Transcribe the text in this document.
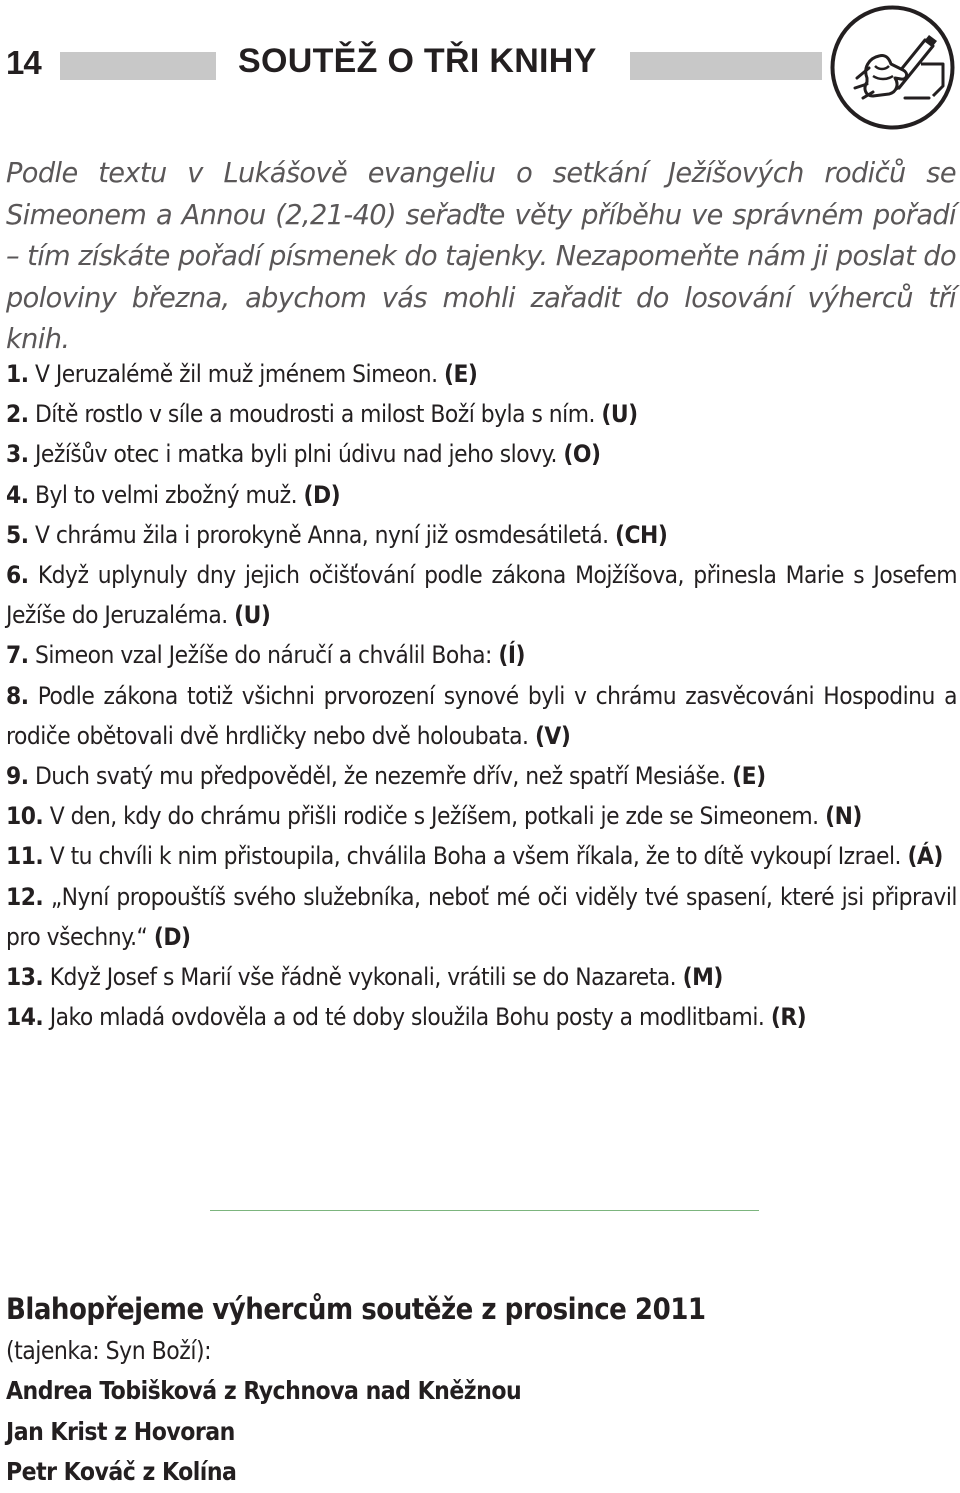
14	SOUTĚŽ O TŘI KNIHY

Podle textu v Lukášově evangeliu o setkání Ježíšových rodičů se Simeonem a Annou (2,21-40) seřaďte věty příběhu ve správném pořadí – tím získáte pořadí písmenek do tajenky. Nezapomeňte nám ji poslat do poloviny března, abychom vás mohli zařadit do losování výherců tří knih.

1. V Jeruzalémě žil muž jménem Simeon. (E)
2. Dítě rostlo v síle a moudrosti a milost Boží byla s ním. (U)
3. Ježíšův otec i matka byli plni údivu nad jeho slovy. (O)
4. Byl to velmi zbožný muž. (D)
5. V chrámu žila i prorokyně Anna, nyní již osmdesátiletá. (CH)
6. Když uplynuly dny jejich očišťování podle zákona Mojžíšova, přinesla Marie s Josefem Ježíše do Jeruzaléma. (U)
7. Simeon vzal Ježíše do náručí a chválil Boha: (Í)
8. Podle zákona totiž všichni prvorození synové byli v chrámu zasvěcováni Hospodinu a rodiče obětovali dvě hrdličky nebo dvě holoubata. (V)
9. Duch svatý mu předpověděl, že nezemře dřív, než spatří Mesiáše. (E)
10. V den, kdy do chrámu přišli rodiče s Ježíšem, potkali je zde se Simeonem. (N)
11. V tu chvíli k nim přistoupila, chválila Boha a všem říkala, že to dítě vykoupí Izrael. (Á)
12. „Nyní propouštíš svého služebníka, neboť mé oči viděly tvé spasení, které jsi připravil pro všechny.“ (D)
13. Když Josef s Marií vše řádně vykonali, vrátili se do Nazareta. (M)
14. Jako mladá ovdověla a od té doby sloužila Bohu posty a modlitbami. (R)
Blahopřejeme výhercům soutěže z prosince 2011
(tajenka: Syn Boží):
Andrea Tobišková z Rychnova nad Kněžnou
Jan Krist z Hovoran
Petr Kováč z Kolína
